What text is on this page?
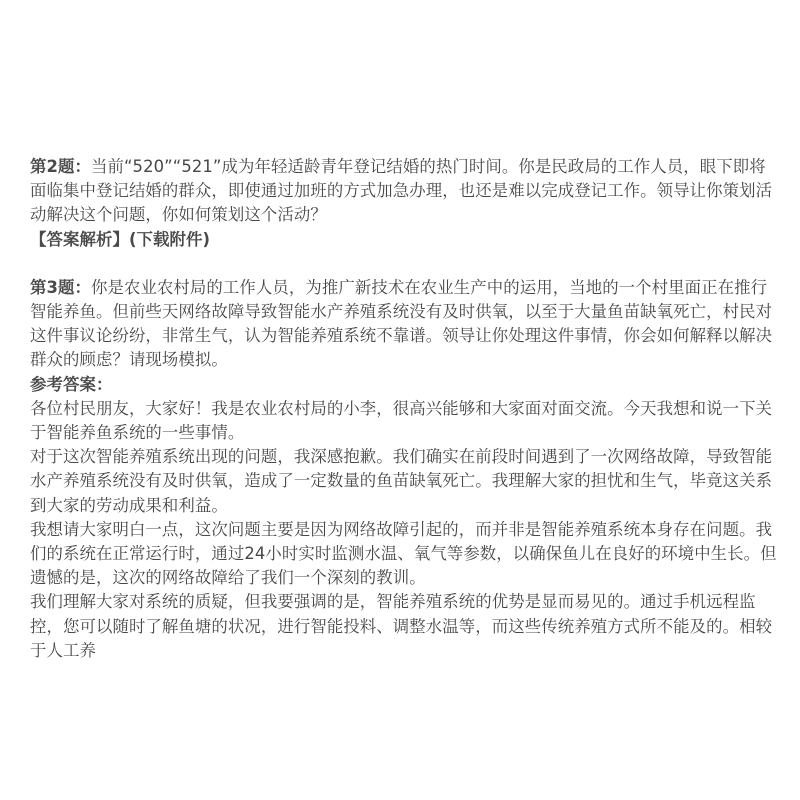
第2题：当前“520”“521”成为年轻适龄青年登记结婚的热门时间。你是民政局的工作人员，眼下即将面临集中登记结婚的群众，即使通过加班的方式加急办理，也还是难以完成登记工作。领导让你策划活动解决这个问题，你如何策划这个活动？

【答案解析】(下载附件)

第3题：你是农业农村局的工作人员，为推广新技术在农业生产中的运用，当地的一个村里面正在推行智能养鱼。但前些天网络故障导致智能水产养殖系统没有及时供氧，以至于大量鱼苗缺氧死亡，村民对这件事议论纷纷，非常生气，认为智能养殖系统不靠谱。领导让你处理这件事情，你会如何解释以解决群众的顾虑？请现场模拟。

参考答案：

各位村民朋友，大家好！我是农业农村局的小李，很高兴能够和大家面对面交流。今天我想和说一下关于智能养鱼系统的一些事情。

对于这次智能养殖系统出现的问题，我深感抱歉。我们确实在前段时间遇到了一次网络故障，导致智能水产养殖系统没有及时供氧，造成了一定数量的鱼苗缺氧死亡。我理解大家的担忧和生气，毕竟这关系到大家的劳动成果和利益。

我想请大家明白一点，这次问题主要是因为网络故障引起的，而并非是智能养殖系统本身存在问题。我们的系统在正常运行时，通过24小时实时监测水温、氧气等参数，以确保鱼儿在良好的环境中生长。但遗憾的是，这次的网络故障给了我们一个深刻的教训。

我们理解大家对系统的质疑，但我要强调的是，智能养殖系统的优势是显而易见的。通过手机远程监控，您可以随时了解鱼塘的状况，进行智能投料、调整水温等，而这些传统养殖方式所不能及的。相较于人工养
